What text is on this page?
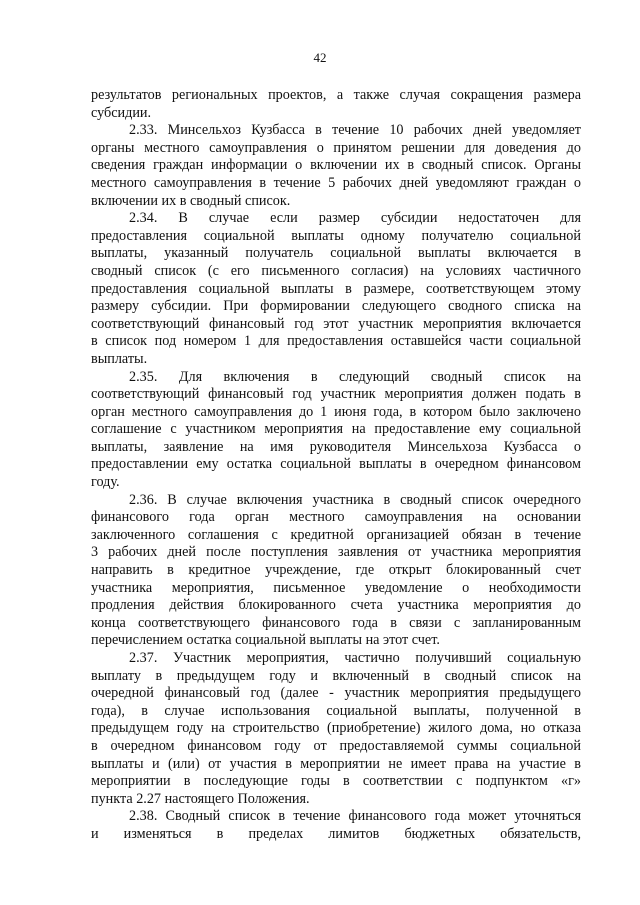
42
результатов региональных проектов, а также случая сокращения размера
субсидии.
2.33. Минсельхоз Кузбасса в течение 10 рабочих дней уведомляет
органы местного самоуправления о принятом решении для доведения до
сведения граждан информации о включении их в сводный список. Органы
местного самоуправления в течение 5 рабочих дней уведомляют граждан о
включении их в сводный список.
2.34. В случае если размер субсидии недостаточен для
предоставления социальной выплаты одному получателю социальной
выплаты, указанный получатель социальной выплаты включается в
сводный список (с его письменного согласия) на условиях частичного
предоставления социальной выплаты в размере, соответствующем этому
размеру субсидии. При формировании следующего сводного списка на
соответствующий финансовый год этот участник мероприятия включается
в список под номером 1 для предоставления оставшейся части социальной
выплаты.
2.35. Для включения в следующий сводный список на
соответствующий финансовый год участник мероприятия должен подать в
орган местного самоуправления до 1 июня года, в котором было заключено
соглашение с участником мероприятия на предоставление ему социальной
выплаты, заявление на имя руководителя Минсельхоза Кузбасса о
предоставлении ему остатка социальной выплаты в очередном финансовом
году.
2.36. В случае включения участника в сводный список очередного
финансового года орган местного самоуправления на основании
заключенного соглашения с кредитной организацией обязан в течение
3 рабочих дней после поступления заявления от участника мероприятия
направить в кредитное учреждение, где открыт блокированный счет
участника мероприятия, письменное уведомление о необходимости
продления действия блокированного счета участника мероприятия до
конца соответствующего финансового года в связи с запланированным
перечислением остатка социальной выплаты на этот счет.
2.37. Участник мероприятия, частично получивший социальную
выплату в предыдущем году и включенный в сводный список на
очередной финансовый год (далее - участник мероприятия предыдущего
года), в случае использования социальной выплаты, полученной в
предыдущем году на строительство (приобретение) жилого дома, но отказа
в очередном финансовом году от предоставляемой суммы социальной
выплаты и (или) от участия в мероприятии не имеет права на участие в
мероприятии в последующие годы в соответствии с подпунктом «г»
пункта 2.27 настоящего Положения.
2.38. Сводный список в течение финансового года может уточняться
и изменяться в пределах лимитов бюджетных обязательств,
